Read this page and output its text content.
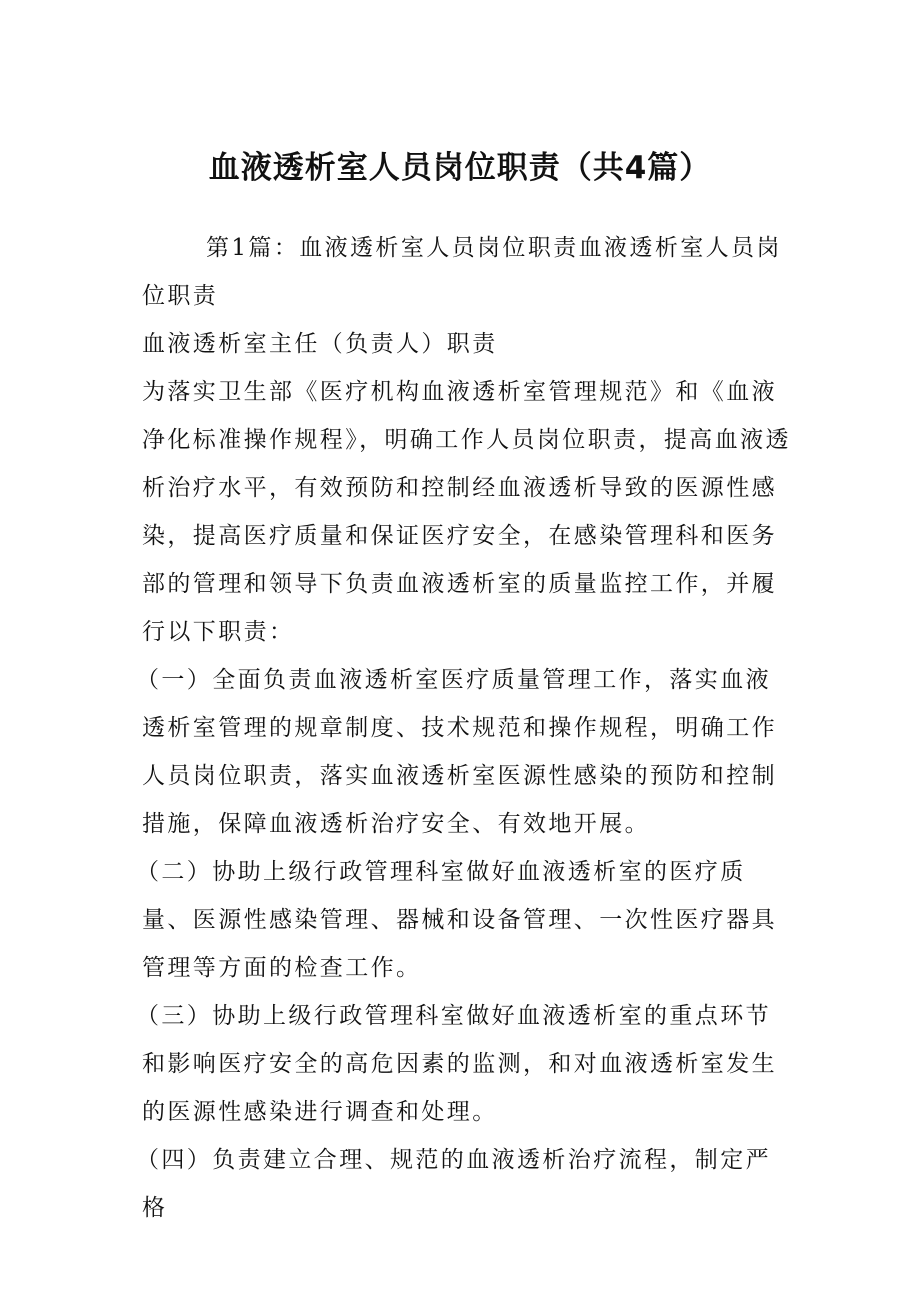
血液透析室人员岗位职责（共4篇）

第1篇：血液透析室人员岗位职责血液透析室人员岗位职责

血液透析室主任（负责人）职责

为落实卫生部《医疗机构血液透析室管理规范》和《血液净化标准操作规程》，明确工作人员岗位职责，提高血液透析治疗水平，有效预防和控制经血液透析导致的医源性感染，提高医疗质量和保证医疗安全，在感染管理科和医务部的管理和领导下负责血液透析室的质量监控工作，并履行以下职责：

（一）全面负责血液透析室医疗质量管理工作，落实血液透析室管理的规章制度、技术规范和操作规程，明确工作人员岗位职责，落实血液透析室医源性感染的预防和控制措施，保障血液透析治疗安全、有效地开展。

（二）协助上级行政管理科室做好血液透析室的医疗质量、医源性感染管理、器械和设备管理、一次性医疗器具管理等方面的检查工作。

（三）协助上级行政管理科室做好血液透析室的重点环节和影响医疗安全的高危因素的监测，和对血液透析室发生的医源性感染进行调查和处理。

（四）负责建立合理、规范的血液透析治疗流程，制定严格
